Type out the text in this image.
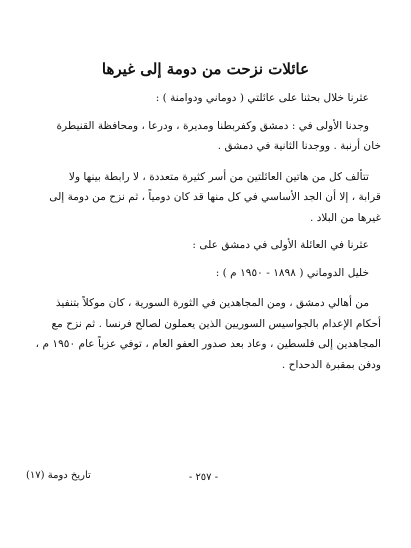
عائلات نزحت من دومة إلى غيرها

عثرنا خلال بحثنا على عائلتي ( دوماني ودوامنة ) :

وجدنا الأولى في : دمشق وكفربطنا ومديرة ، ودرعا ، ومحافظة القنيطرة

خان أرنبة . ووجدنا الثانية في دمشق .

تتألف كل من هاتين العائلتين من أسر كثيرة متعددة ، لا رابطة بينها ولا

قرابة ، إلا أن الجد الأساسي في كل منها قد كان دومياً ، ثم نزح من دومة إلى

غيرها من البلاد .

عثرنا في العائلة الأولى في دمشق على :

خليل الدوماني ( ١٨٩٨ - ١٩٥٠ م ) :

من أهالي دمشق ، ومن المجاهدين في الثورة السورية ، كان موكلاً بتنفيذ

أحكام الإعدام بالجواسيس السوريين الذين يعملون لصالح فرنسا . ثم نزح مع

المجاهدين إلى فلسطين ، وعاد بعد صدور العفو العام ، توفي عزباً عام ١٩٥٠ م ،

ودفن بمقبرة الدحداح .

تاريخ دومة (١٧)	- ٢٥٧ -
